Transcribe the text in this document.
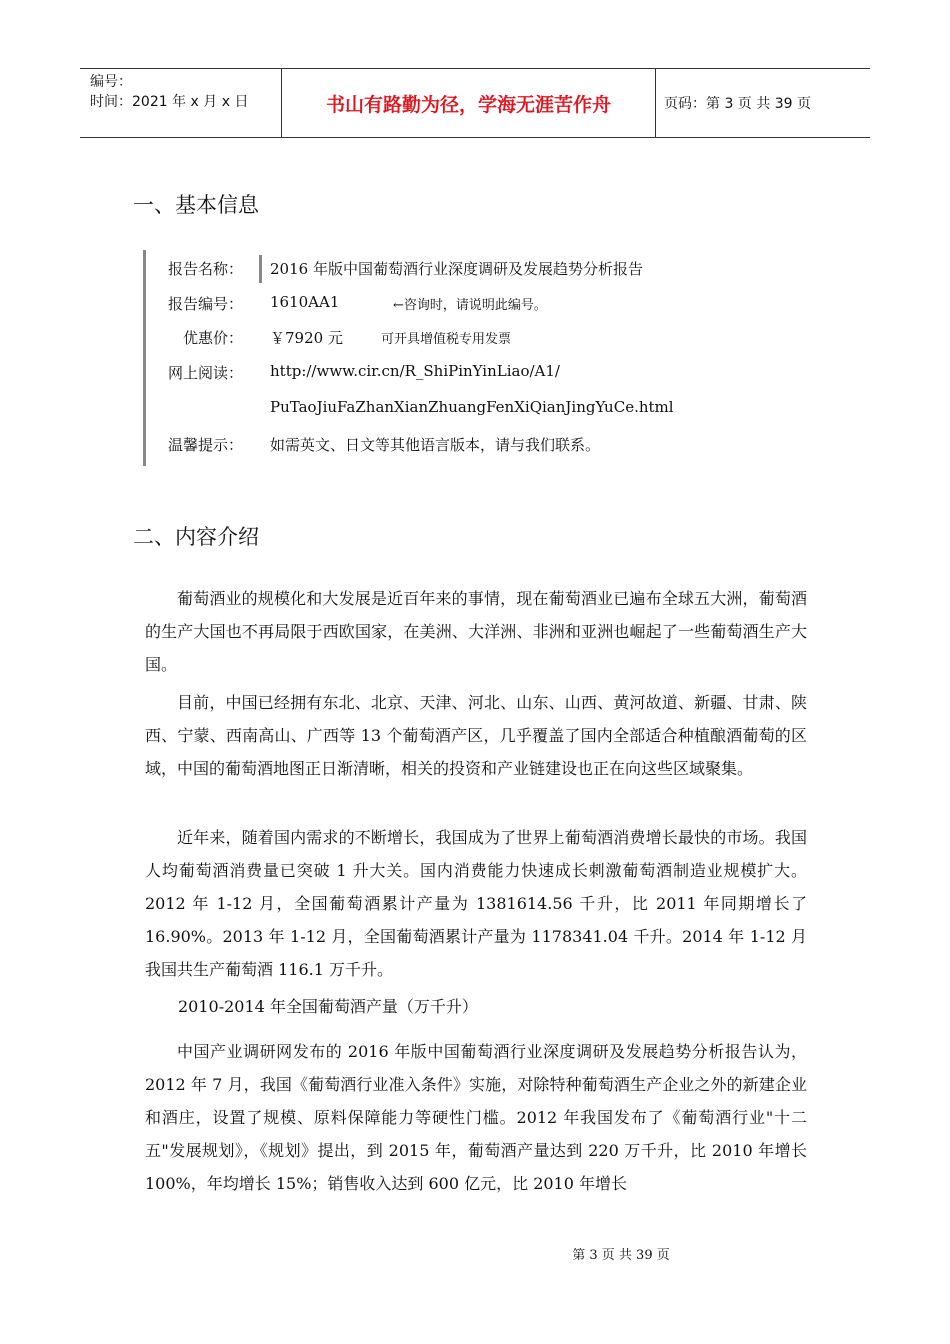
编号：
时间：2021 年 x 月 x 日	书山有路勤为径，学海无涯苦作舟	页码：第 3 页 共 39 页
一、基本信息
报告名称： 2016 年版中国葡萄酒行业深度调研及发展趋势分析报告
报告编号： 1610AA1	←咨询时，请说明此编号。
优惠价： ￥7920 元	可开具增值税专用发票
网上阅读： http://www.cir.cn/R_ShiPinYinLiao/A1/
PuTaoJiuFaZhanXianZhuangFenXiQianJingYuCe.html
温馨提示： 如需英文、日文等其他语言版本，请与我们联系。
二、内容介绍
葡萄酒业的规模化和大发展是近百年来的事情，现在葡萄酒业已遍布全球五大洲，葡萄酒的生产大国也不再局限于西欧国家，在美洲、大洋洲、非洲和亚洲也崛起了一些葡萄酒生产大国。
目前，中国已经拥有东北、北京、天津、河北、山东、山西、黄河故道、新疆、甘肃、陕西、宁蒙、西南高山、广西等 13 个葡萄酒产区，几乎覆盖了国内全部适合种植酿酒葡萄的区域，中国的葡萄酒地图正日渐清晰，相关的投资和产业链建设也正在向这些区域聚集。
近年来，随着国内需求的不断增长，我国成为了世界上葡萄酒消费增长最快的市场。我国人均葡萄酒消费量已突破 1 升大关。国内消费能力快速成长刺激葡萄酒制造业规模扩大。2012 年 1-12 月，全国葡萄酒累计产量为 1381614.56 千升，比 2011 年同期增长了 16.90%。2013 年 1-12 月，全国葡萄酒累计产量为 1178341.04 千升。2014 年 1-12 月我国共生产葡萄酒 116.1 万千升。
2010-2014 年全国葡萄酒产量（万千升）
中国产业调研网发布的 2016 年版中国葡萄酒行业深度调研及发展趋势分析报告认为，2012 年 7 月，我国《葡萄酒行业准入条件》实施，对除特种葡萄酒生产企业之外的新建企业和酒庄，设置了规模、原料保障能力等硬性门槛。2012 年我国发布了《葡萄酒行业"十二五"发展规划》，《规划》提出，到 2015 年，葡萄酒产量达到 220 万千升，比 2010 年增长 100%，年均增长 15%；销售收入达到 600 亿元，比 2010 年增长
第 3 页 共 39 页
